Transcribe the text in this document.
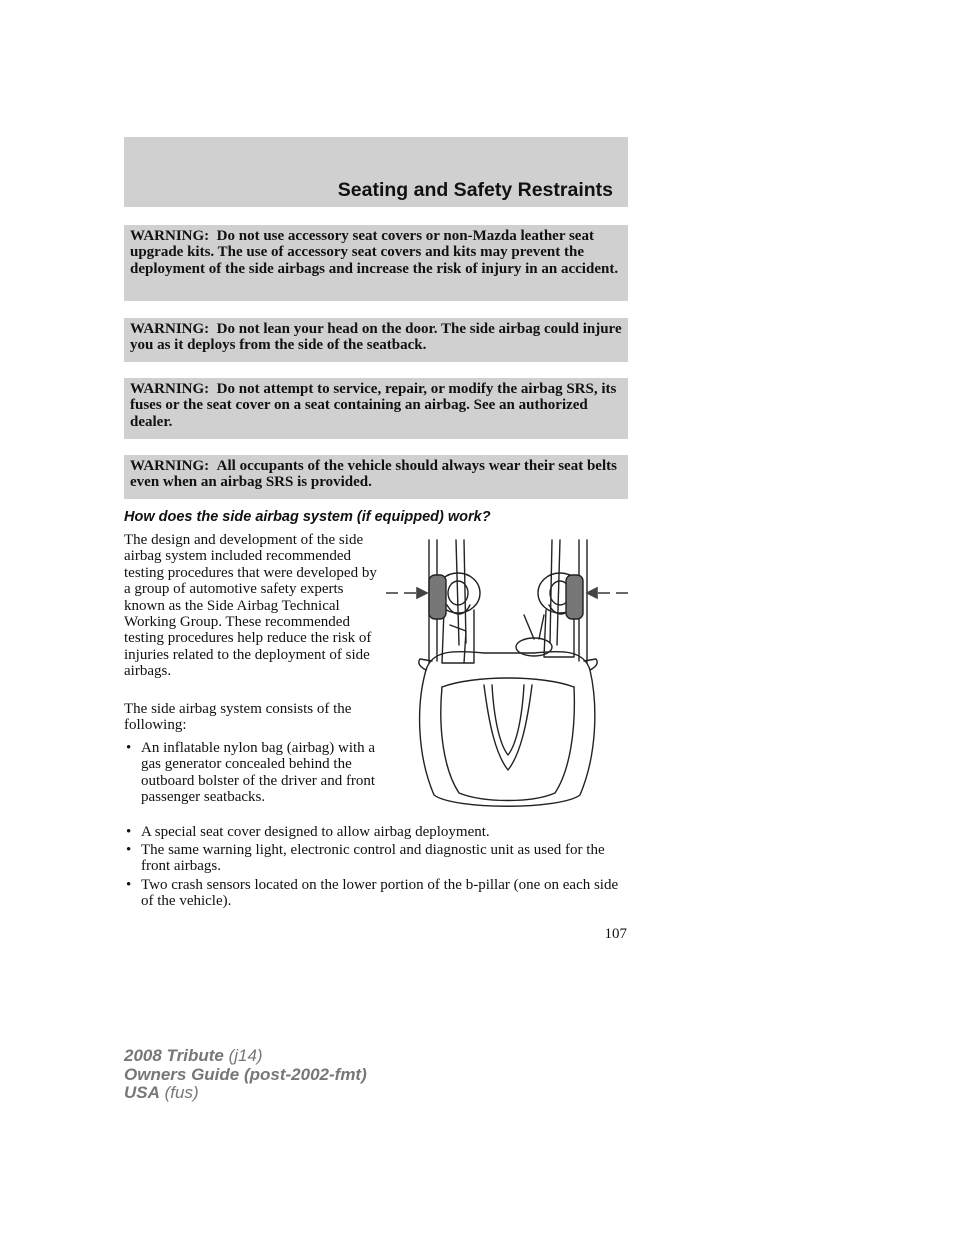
Seating and Safety Restraints
WARNING: Do not use accessory seat covers or non-Mazda leather seat upgrade kits. The use of accessory seat covers and kits may prevent the deployment of the side airbags and increase the risk of injury in an accident.
WARNING: Do not lean your head on the door. The side airbag could injure you as it deploys from the side of the seatback.
WARNING: Do not attempt to service, repair, or modify the airbag SRS, its fuses or the seat cover on a seat containing an airbag. See an authorized dealer.
WARNING: All occupants of the vehicle should always wear their seat belts even when an airbag SRS is provided.
How does the side airbag system (if equipped) work?
The design and development of the side airbag system included recommended testing procedures that were developed by a group of automotive safety experts known as the Side Airbag Technical Working Group. These recommended testing procedures help reduce the risk of injuries related to the deployment of side airbags.
The side airbag system consists of the following:
• An inflatable nylon bag (airbag) with a gas generator concealed behind the outboard bolster of the driver and front passenger seatbacks.
• A special seat cover designed to allow airbag deployment.
• The same warning light, electronic control and diagnostic unit as used for the front airbags.
• Two crash sensors located on the lower portion of the b-pillar (one on each side of the vehicle).
107
2008 Tribute (j14)
Owners Guide (post-2002-fmt)
USA (fus)
